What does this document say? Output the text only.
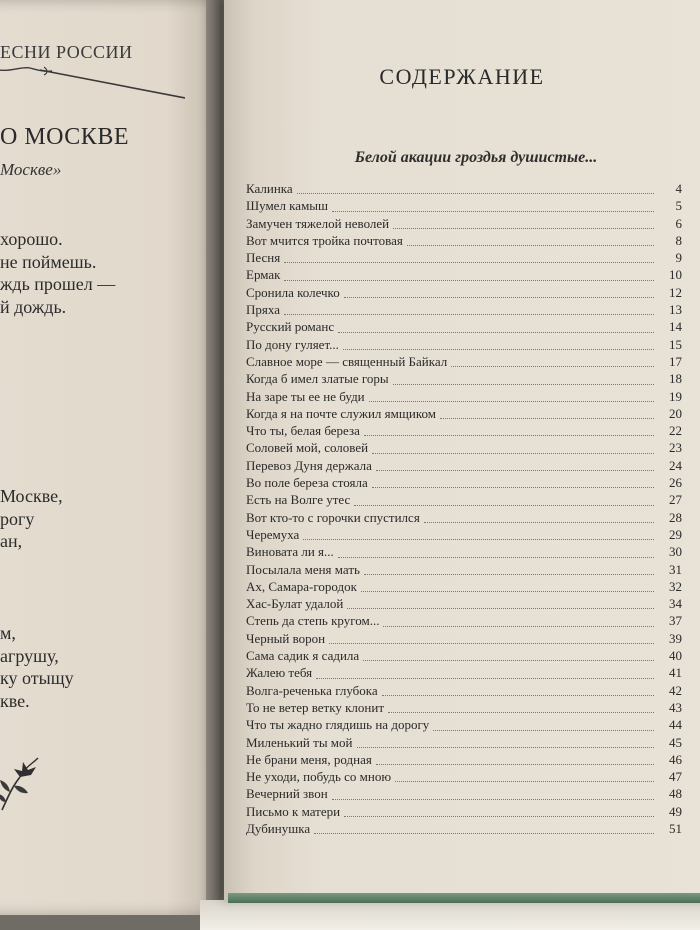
ЕСНИ РОССИИ
О МОСКВЕ
Москве»
хорошо.
не поймешь.
ждь прошел —
й дождь.
Москве,
рогу
ан,
м,
агрушу,
ку отыщу
кве.
СОДЕРЖАНИЕ
Белой акации гроздья душистые...
Калинка	4
Шумел камыш	5
Замучен тяжелой неволей	6
Вот мчится тройка почтовая	8
Песня	9
Ермак	10
Сронила колечко	12
Пряха	13
Русский романс	14
По дону гуляет...	15
Славное море — священный Байкал	17
Когда б имел златые горы	18
На заре ты ее не буди	19
Когда я на почте служил ямщиком	20
Что ты, белая береза	22
Соловей мой, соловей	23
Перевоз Дуня держала	24
Во поле береза стояла	26
Есть на Волге утес	27
Вот кто-то с горочки спустился	28
Черемуха	29
Виновата ли я...	30
Посылала меня мать	31
Ах, Самара-городок	32
Хас-Булат удалой	34
Степь да степь кругом...	37
Черный ворон	39
Сама садик я садила	40
Жалею тебя	41
Волга-реченька глубока	42
То не ветер ветку клонит	43
Что ты жадно глядишь на дорогу	44
Миленький ты мой	45
Не брани меня, родная	46
Не уходи, побудь со мною	47
Вечерний звон	48
Письмо к матери	49
Дубинушка	51
